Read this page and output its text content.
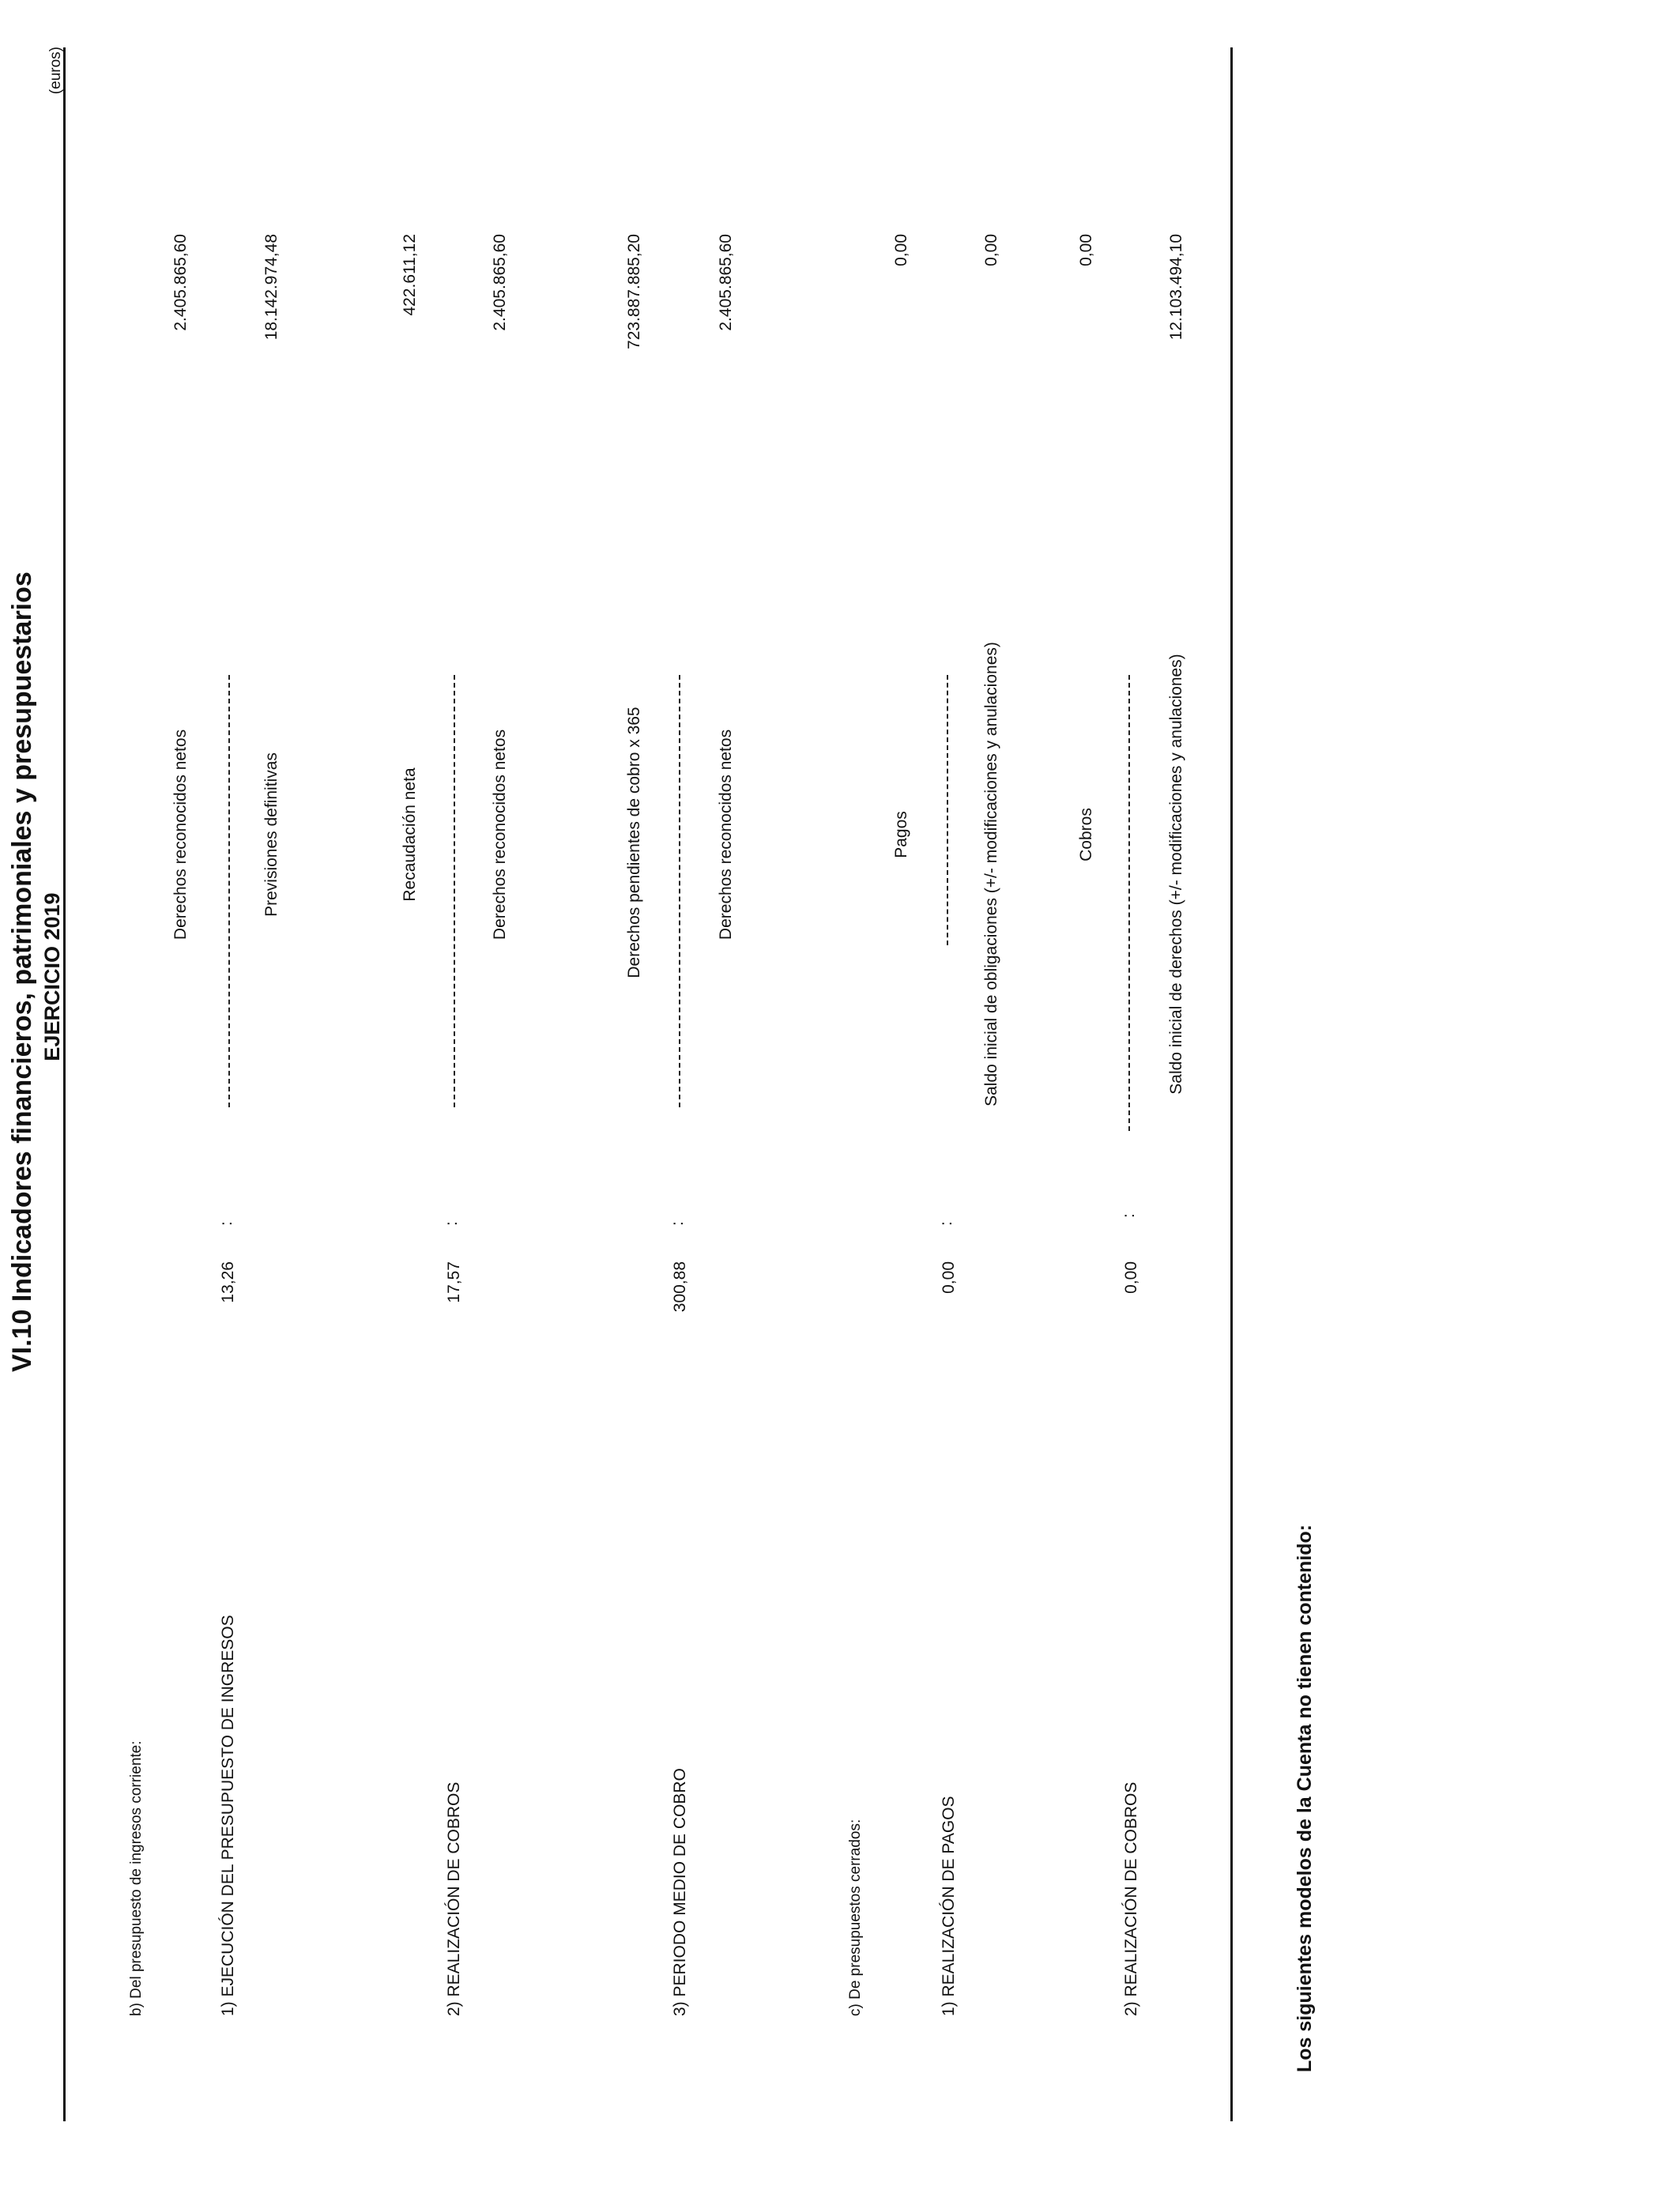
VI.10 Indicadores financieros, patrimoniales y presupuestarios EJERCICIO 2019
(euros)
b) Del presupuesto de ingresos corriente:	1) EJECUCIÓN DEL PRESUPUESTO DE INGRESOS
13,26
:
Derechos reconocidos netos	Previsiones definitivas
2.405.865,60	18.142.974,48
2) REALIZACIÓN DE COBROS
17,57
:
Recaudación neta	Derechos reconocidos netos
422.611,12	2.405.865,60
3) PERIODO MEDIO DE COBRO
300,88
:
Derechos pendientes de cobro x 365	Derechos reconocidos netos
723.887.885,20	2.405.865,60
c) De presupuestos cerrados:	1) REALIZACIÓN DE PAGOS
0,00
:
Pagos	Saldo inicial de obligaciones (+/- modificaciones y anulaciones)
0,00	0,00
2) REALIZACIÓN DE COBROS
0,00
:
Cobros	Saldo inicial de derechos (+/- modificaciones y anulaciones)
0,00	12.103.494,10
Los siguientes modelos de la Cuenta no tienen contenido:
